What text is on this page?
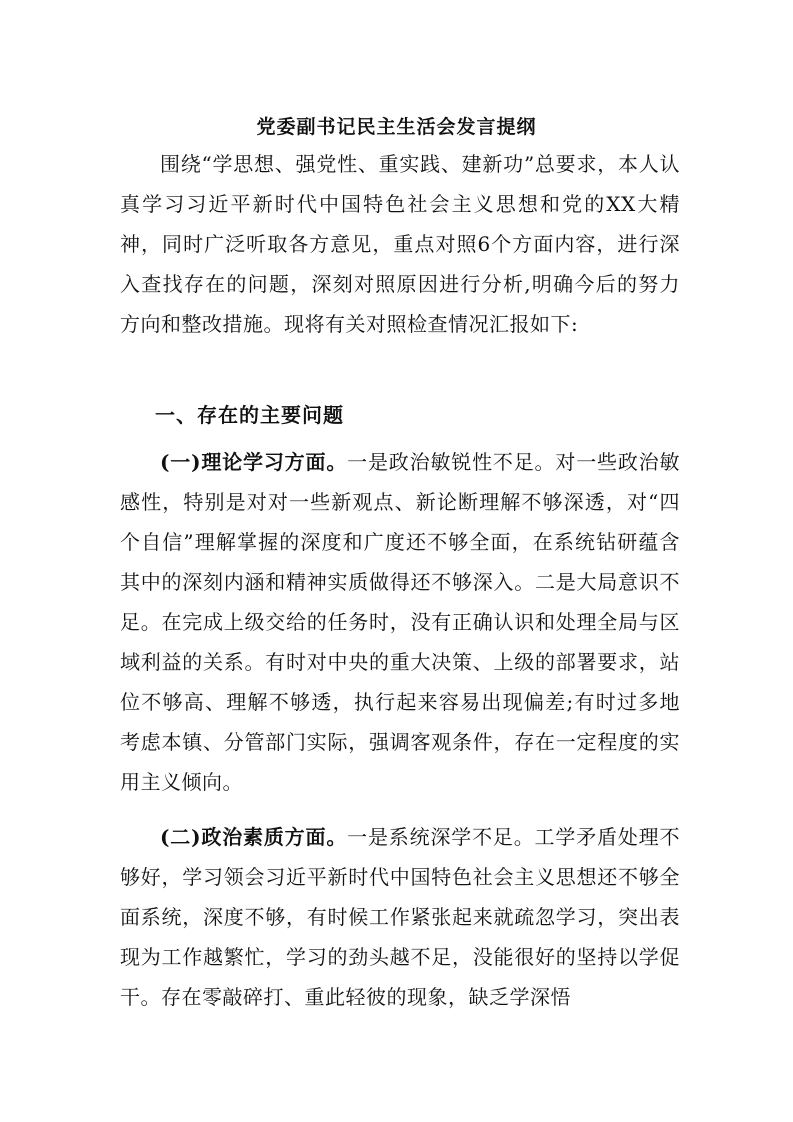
党委副书记民主生活会发言提纲

围绕“学思想、强党性、重实践、建新功”总要求，本人认真学习习近平新时代中国特色社会主义思想和党的XX大精神，同时广泛听取各方意见，重点对照6个方面内容，进行深入查找存在的问题，深刻对照原因进行分析,明确今后的努力方向和整改措施。现将有关对照检查情况汇报如下:

一、存在的主要问题

(一)理论学习方面。一是政治敏锐性不足。对一些政治敏感性，特别是对对一些新观点、新论断理解不够深透，对“四个自信”理解掌握的深度和广度还不够全面，在系统钻研蕴含其中的深刻内涵和精神实质做得还不够深入。二是大局意识不足。在完成上级交给的任务时，没有正确认识和处理全局与区域利益的关系。有时对中央的重大决策、上级的部署要求，站位不够高、理解不够透，执行起来容易出现偏差;有时过多地考虑本镇、分管部门实际，强调客观条件，存在一定程度的实用主义倾向。

(二)政治素质方面。一是系统深学不足。工学矛盾处理不够好，学习领会习近平新时代中国特色社会主义思想还不够全面系统，深度不够，有时候工作紧张起来就疏忽学习，突出表现为工作越繁忙，学习的劲头越不足，没能很好的坚持以学促干。存在零敲碎打、重此轻彼的现象，缺乏学深悟
